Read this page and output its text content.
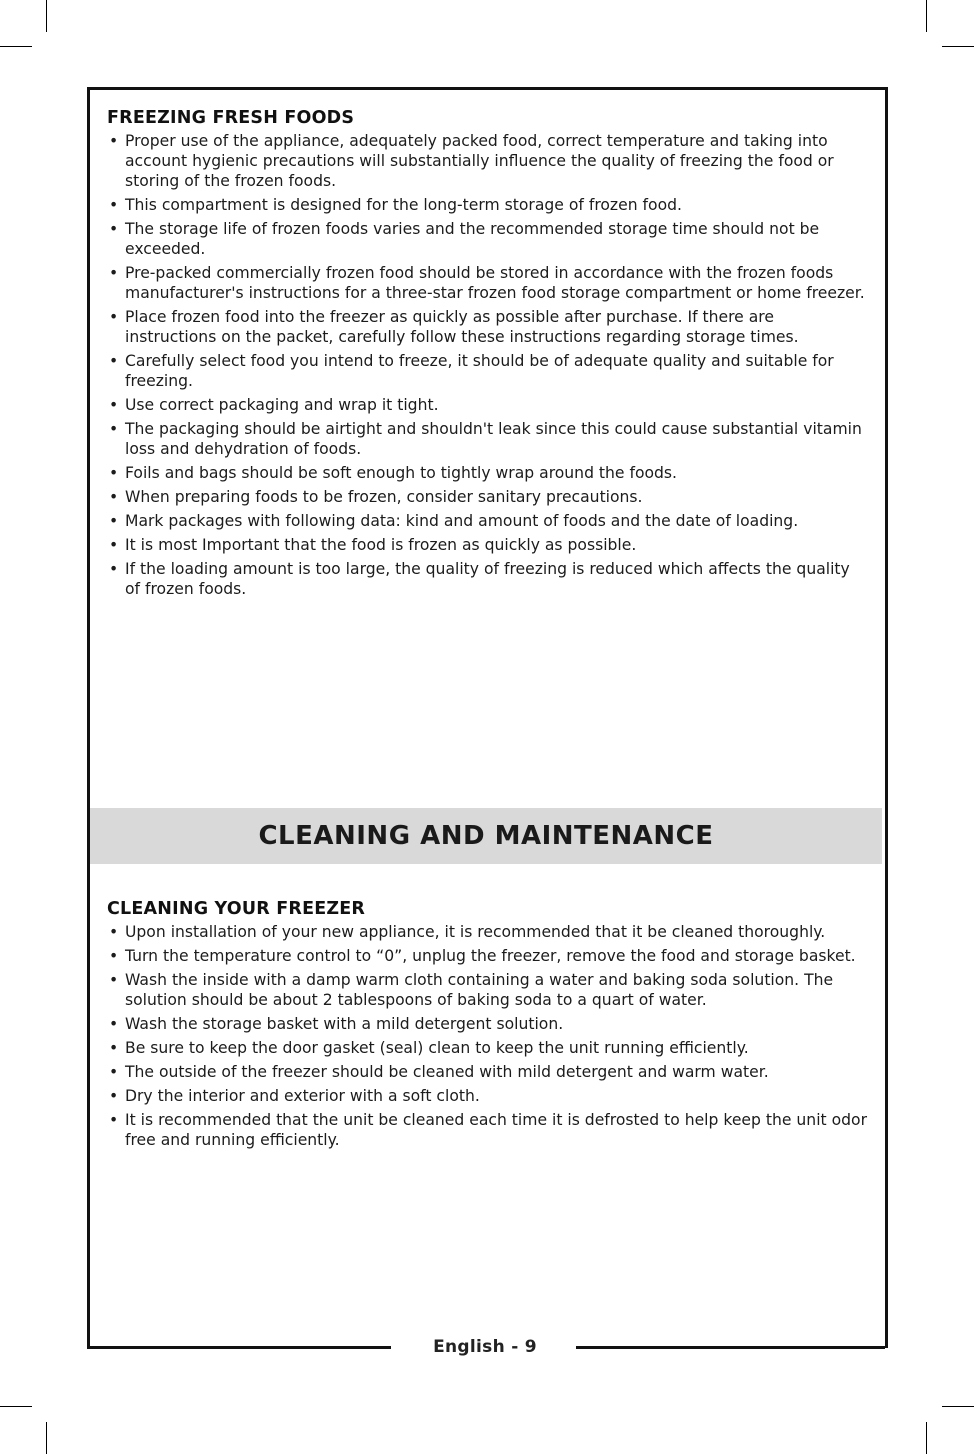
FREEZING FRESH FOODS
• Proper use of the appliance, adequately packed food, correct temperature and taking into account hygienic precautions will substantially influence the quality of freezing the food or storing of the frozen foods.
• This compartment is designed for the long-term storage of frozen food.
• The storage life of frozen foods varies and the recommended storage time should not be exceeded.
• Pre-packed commercially frozen food should be stored in accordance with the frozen foods manufacturer's instructions for a three-star frozen food storage compartment or home freezer.
• Place frozen food into the freezer as quickly as possible after purchase. If there are instructions on the packet, carefully follow these instructions regarding storage times.
• Carefully select food you intend to freeze, it should be of adequate quality and suitable for freezing.
• Use correct packaging and wrap it tight.
• The packaging should be airtight and shouldn't leak since this could cause substantial vitamin loss and dehydration of foods.
• Foils and bags should be soft enough to tightly wrap around the foods.
• When preparing foods to be frozen, consider sanitary precautions.
• Mark packages with following data: kind and amount of foods and the date of loading.
• It is most Important that the food is frozen as quickly as possible.
• If the loading amount is too large, the quality of freezing is reduced which affects the quality of frozen foods.
CLEANING AND MAINTENANCE
CLEANING YOUR FREEZER
• Upon installation of your new appliance, it is recommended that it be cleaned thoroughly.
• Turn the temperature control to “0”, unplug the freezer, remove the food and storage basket.
• Wash the inside with a damp warm cloth containing a water and baking soda solution. The solution should be about 2 tablespoons of baking soda to a quart of water.
• Wash the storage basket with a mild detergent solution.
• Be sure to keep the door gasket (seal) clean to keep the unit running efficiently.
• The outside of the freezer should be cleaned with mild detergent and warm water.
• Dry the interior and exterior with a soft cloth.
• It is recommended that the unit be cleaned each time it is defrosted to help keep the unit odor free and running efficiently.
English - 9
